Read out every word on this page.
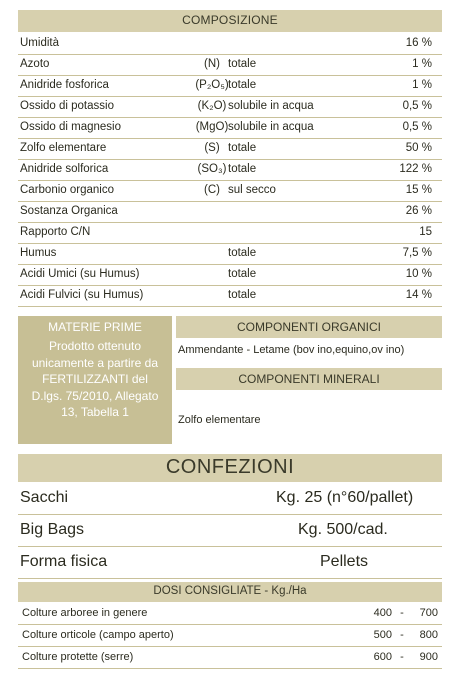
COMPOSIZIONE
Umidità	16 %
Azoto	(N) totale	1 %
Anidride fosforica	(P₂O₅) totale	1 %
Ossido di potassio	(K₂O) solubile in acqua	0,5 %
Ossido di magnesio	(MgO) solubile in acqua	0,5 %
Zolfo elementare	(S) totale	50 %
Anidride solforica	(SO₃) totale	122 %
Carbonio organico	(C) sul secco	15 %
Sostanza Organica	26 %
Rapporto C/N	15
Humus	totale	7,5 %
Acidi Umici (su Humus)	totale	10 %
Acidi Fulvici (su Humus)	totale	14 %
MATERIE PRIME
Prodotto ottenuto unicamente a partire da FERTILIZZANTI del D.lgs. 75/2010, Allegato 13, Tabella 1
COMPONENTI ORGANICI
Ammendante - Letame (bov ino,equino,ov ino)
COMPONENTI MINERALI
Zolfo elementare
CONFEZIONI
Sacchi	Kg. 25 (n°60/pallet)
Big Bags	Kg. 500/cad.
Forma fisica	Pellets
DOSI CONSIGLIATE - Kg./Ha
Colture arboree in genere	400 -	700
Colture orticole (campo aperto)	500 -	800
Colture protette (serre)	600 -	900
